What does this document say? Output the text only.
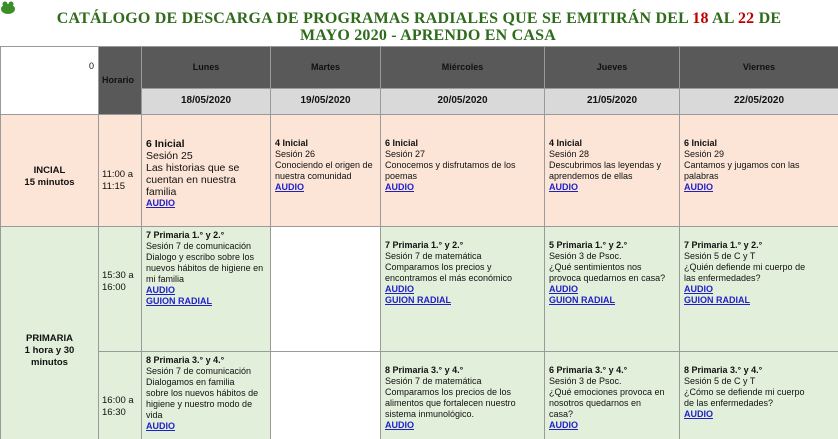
CATÁLOGO DE DESCARGA DE PROGRAMAS RADIALES QUE SE EMITIRÁN DEL 18 AL 22 DE
MAYO 2020 - APRENDO EN CASA
0
Horario
Lunes
18/05/2020
Martes
19/05/2020
Miércoles
20/05/2020
Jueves
21/05/2020
Viernes
22/05/2020
INCIAL
15 minutos
11:00 a
11:15
6 Inicial
Sesión 25
Las historias que se
cuentan en nuestra
familia
AUDIO
4 Inicial
Sesión 26
Conociendo el origen de
nuestra comunidad
AUDIO
6 Inicial
Sesión 27
Conocemos y disfrutamos de los
poemas
AUDIO
4 Inicial
Sesión 28
Descubrimos las leyendas y
aprendemos de ellas
AUDIO
6 Inicial
Sesión 29
Cantamos y jugamos con las
palabras
AUDIO
PRIMARIA
1 hora y 30
minutos
15:30 a
16:00
16:00 a
16:30
7 Primaria 1.° y 2.°
Sesión 7 de comunicación
Dialogo y escribo sobre los
nuevos hábitos de higiene en
mi familia
AUDIO
GUION RADIAL
7 Primaria 1.° y 2.°
Sesión 7 de matemática
Comparamos los precios y
encontramos el más económico
AUDIO
GUION RADIAL
5 Primaria 1.° y 2.°
Sesión 3 de Psoc.
¿Qué sentimientos nos
provoca quedarnos en casa?
AUDIO
GUION RADIAL
7 Primaria 1.° y 2.°
Sesión 5 de C y T
¿Quién defiende mi cuerpo de
las enfermedades?
AUDIO
GUION RADIAL
8 Primaria 3.° y 4.°
Sesión 7 de comunicación
Dialogamos en familia
sobre los nuevos hábitos de
higiene y nuestro modo de
vida
AUDIO
8 Primaria 3.° y 4.°
Sesión 7 de matemática
Comparamos los precios de los
alimentos que fortalecen nuestro
sistema inmunológico.
AUDIO
6 Primaria 3.° y 4.°
Sesión 3 de Psoc.
¿Qué emociones provoca en
nosotros quedarnos en
casa?
AUDIO
8 Primaria 3.° y 4.°
Sesión 5 de C y T
¿Cómo se defiende mi cuerpo
de las enfermedades?
AUDIO
